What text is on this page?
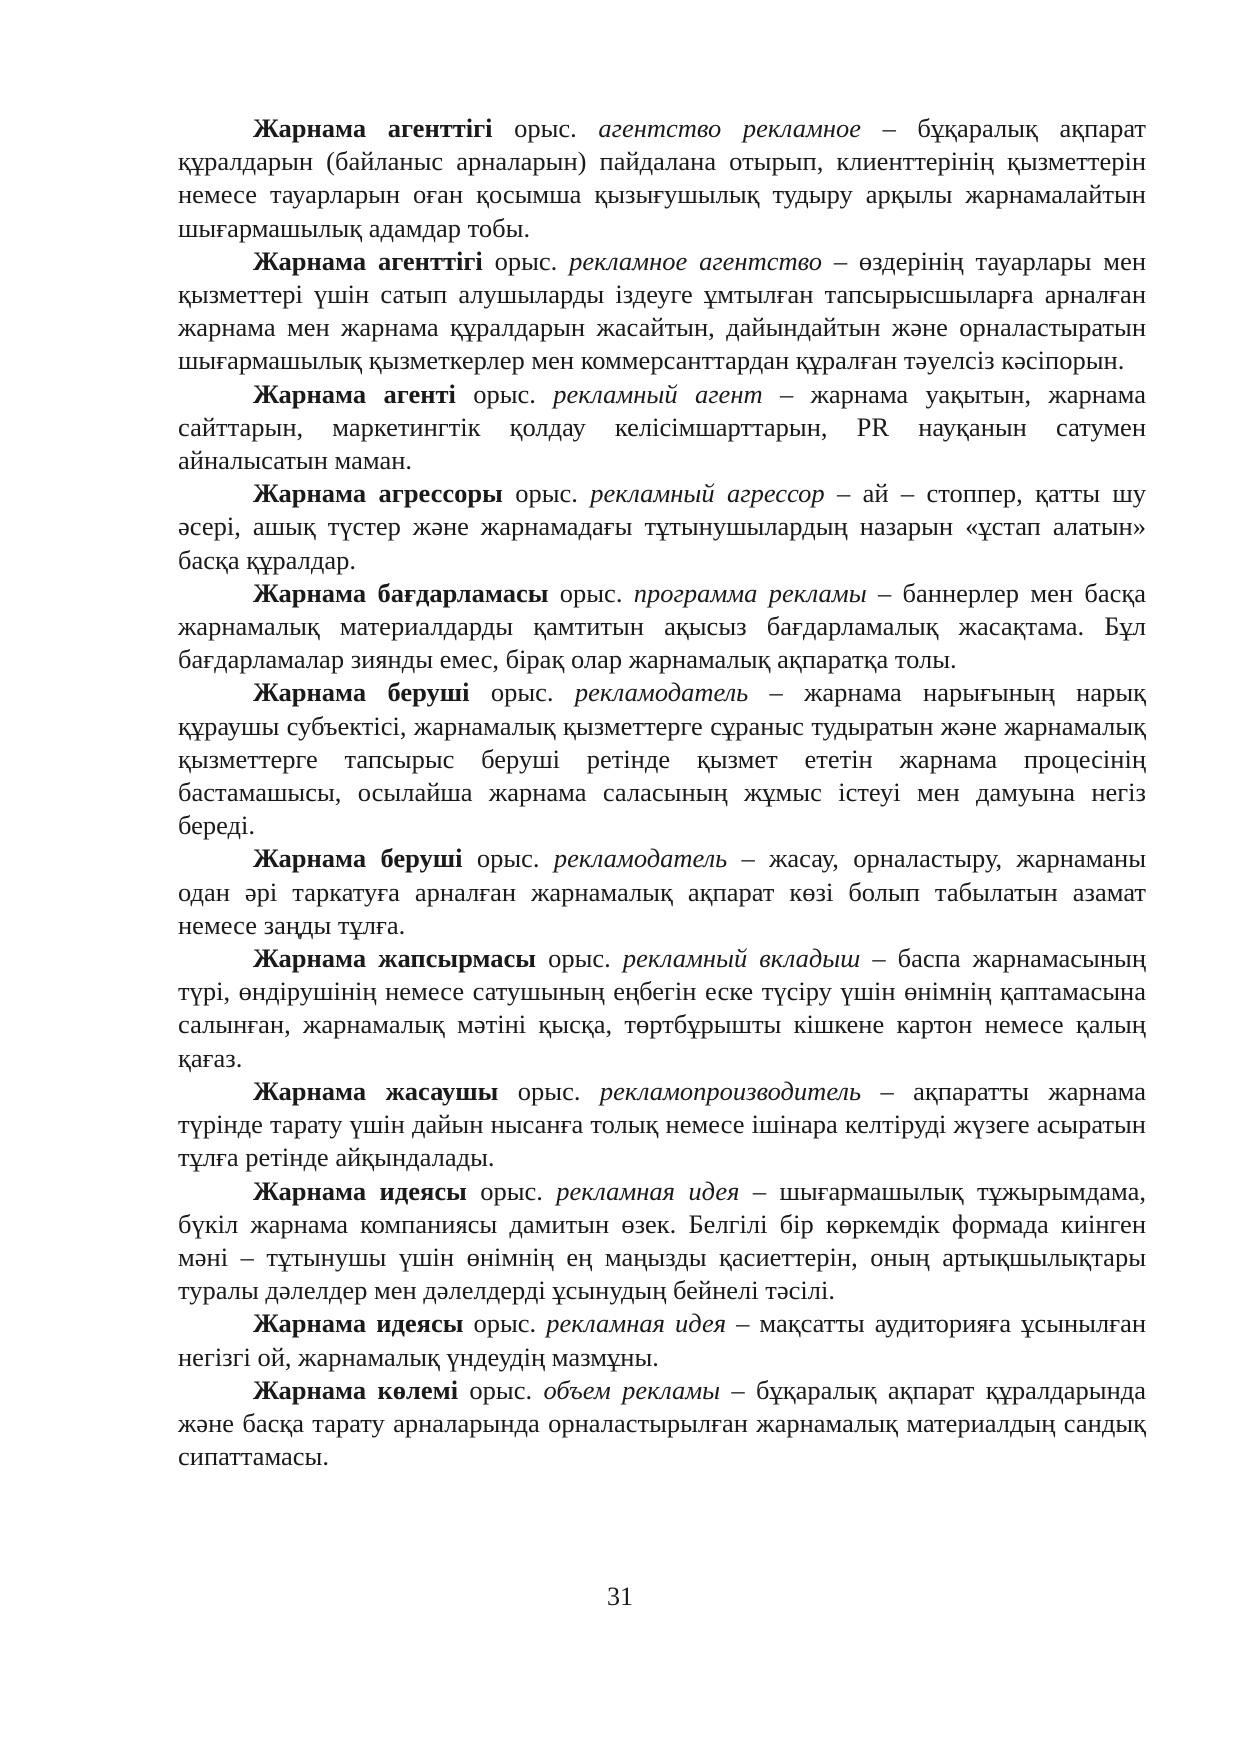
Жарнама агенттігі орыс. агентство рекламное – бұқаралық ақпарат құралдарын (байланыс арналарын) пайдалана отырып, клиенттерінің қызметтерін немесе тауарларын оған қосымша қызығушылық тудыру арқылы жарнамалайтын шығармашылық адамдар тобы.

Жарнама агенттігі орыс. рекламное агентство – өздерінің тауарлары мен қызметтері үшін сатып алушыларды іздеуге ұмтылған тапсырысшыларға арналған жарнама мен жарнама құралдарын жасайтын, дайындайтын және орналастыратын шығармашылық қызметкерлер мен коммерсанттардан құралған тәуелсіз кәсіпорын.

Жарнама агенті орыс. рекламный агент – жарнама уақытын, жарнама сайттарын, маркетингтік қолдау келісімшарттарын, PR науқанын сатумен айналысатын маман.

Жарнама агрессоры орыс. рекламный агрессор – ай – стоппер, қатты шу әсері, ашық түстер және жарнамадағы тұтынушылардың назарын «ұстап алатын» басқа құралдар.

Жарнама бағдарламасы орыс. программа рекламы – баннерлер мен басқа жарнамалық материалдарды қамтитын ақысыз бағдарламалық жасақтама. Бұл бағдарламалар зиянды емес, бірақ олар жарнамалық ақпаратқа толы.

Жарнама беруші орыс. рекламодатель – жарнама нарығының нарық құраушы субъектісі, жарнамалық қызметтерге сұраныс тудыратын және жарнамалық қызметтерге тапсырыс беруші ретінде қызмет ететін жарнама процесінің бастамашысы, осылайша жарнама саласының жұмыс істеуі мен дамуына негіз береді.

Жарнама беруші орыс. рекламодатель – жасау, орналастыру, жарнаманы одан әрі таркатуға арналған жарнамалық ақпарат көзі болып табылатын азамат немесе заңды тұлға.

Жарнама жапсырмасы орыс. рекламный вкладыш – баспа жарнамасының түрі, өндірушінің немесе сатушының еңбегін еске түсіру үшін өнімнің қаптамасына салынған, жарнамалық мәтіні қысқа, төртбұрышты кішкене картон немесе қалың қағаз.

Жарнама жасаушы орыс. рекламопроизводитель – ақпаратты жарнама түрінде тарату үшін дайын нысанға толық немесе ішінара келтіруді жүзеге асыратын тұлға ретінде айқындалады.

Жарнама идеясы орыс. рекламная идея – шығармашылық тұжырымдама, бүкіл жарнама компаниясы дамитын өзек. Белгілі бір көркемдік формада киінген мәні – тұтынушы үшін өнімнің ең маңызды қасиеттерін, оның артықшылықтары туралы дәлелдер мен дәлелдерді ұсынудың бейнелі тәсілі.

Жарнама идеясы орыс. рекламная идея – мақсатты аудиторияға ұсынылған негізгі ой, жарнамалық үндеудің мазмұны.

Жарнама көлемі орыс. объем рекламы – бұқаралық ақпарат құралдарында және басқа тарату арналарында орналастырылған жарнамалық материалдың сандық сипаттамасы.

31
